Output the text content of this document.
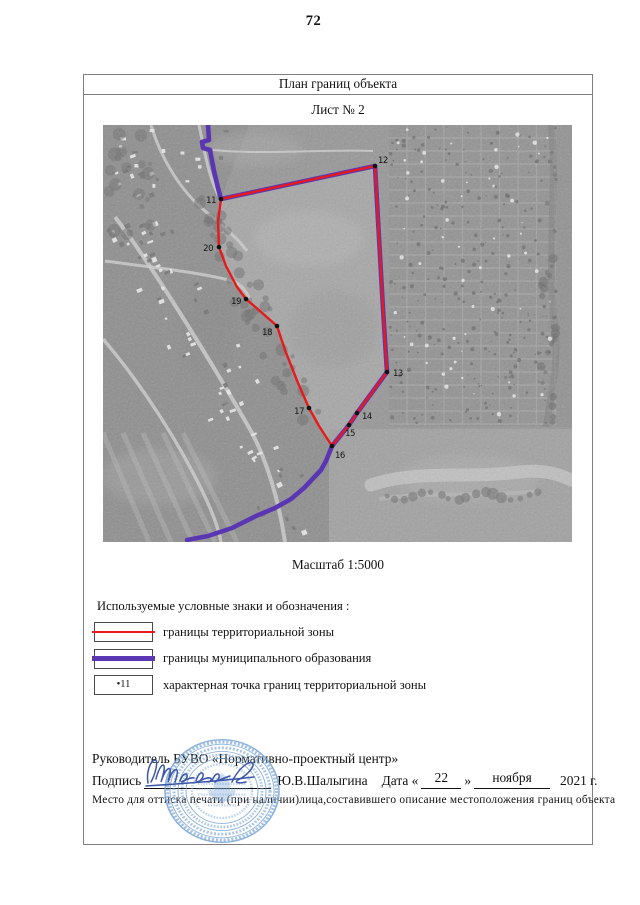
72
План границ объекта
Лист № 2
11
12
13
14
15
16
17
18
19
20
Масштаб 1:5000
Используемые условные знаки и обозначения :
границы территориальной зоны
границы муниципального образования
•11	характерная точка границ территориальной зоны
Руководитель БУВО «Нормативно-проектный центр»
Подпись	Ю.В.Шалыгина Дата «	22	»	ноября	2021 г.
Место для оттиска печати (при наличии)лица,составившего описание местоположения границ объекта
